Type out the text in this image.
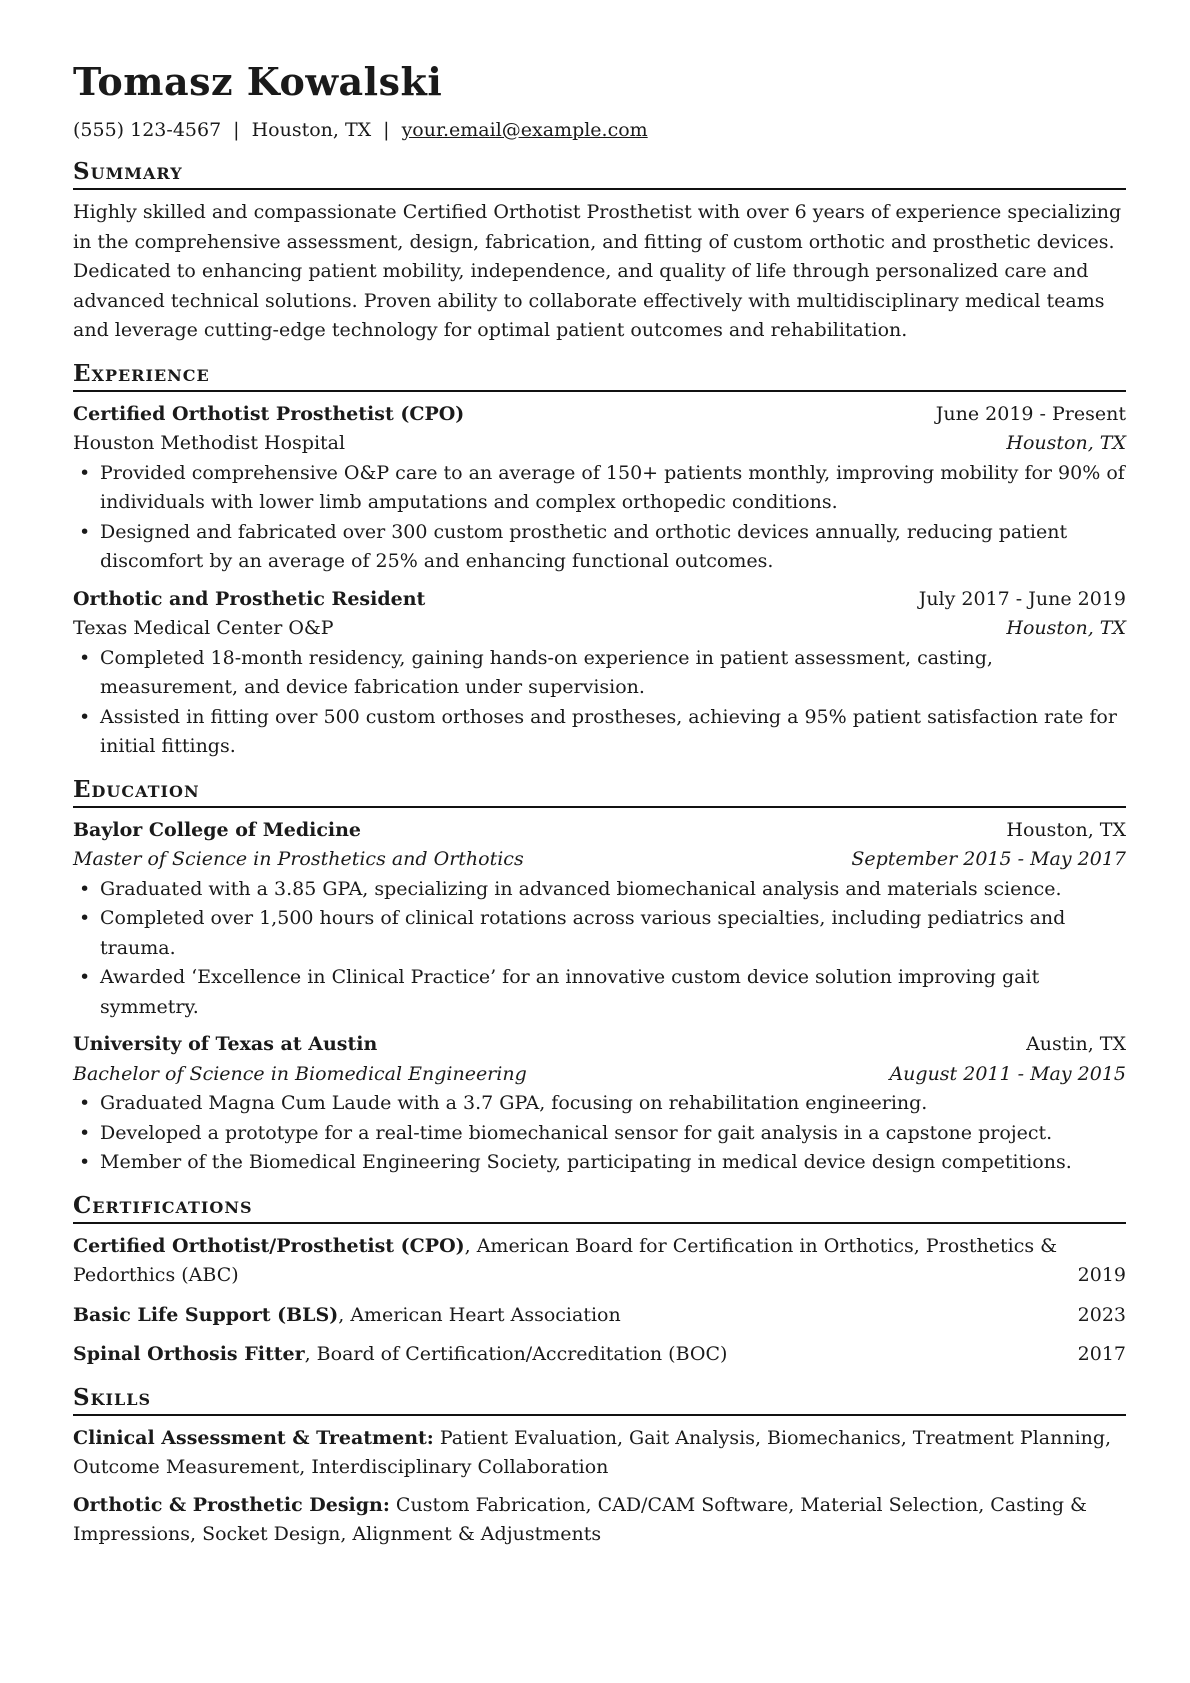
Tomasz Kowalski
(555) 123-4567 | Houston, TX | your.email@example.com
Summary

Highly skilled and compassionate Certified Orthotist Prosthetist with over 6 years of experience specializing in the comprehensive assessment, design, fabrication, and fitting of custom orthotic and prosthetic devices. Dedicated to enhancing patient mobility, independence, and quality of life through personalized care and advanced technical solutions. Proven ability to collaborate effectively with multidisciplinary medical teams and leverage cutting-edge technology for optimal patient outcomes and rehabilitation.

Experience
Certified Orthotist Prosthetist (CPO)	June 2019 - Present
Houston Methodist Hospital	Houston, TX
• Provided comprehensive O&P care to an average of 150+ patients monthly, improving mobility for 90% of individuals with lower limb amputations and complex orthopedic conditions.
• Designed and fabricated over 300 custom prosthetic and orthotic devices annually, reducing patient discomfort by an average of 25% and enhancing functional outcomes.
Orthotic and Prosthetic Resident	July 2017 - June 2019
Texas Medical Center O&P	Houston, TX
• Completed 18-month residency, gaining hands-on experience in patient assessment, casting, measurement, and device fabrication under supervision.
• Assisted in fitting over 500 custom orthoses and prostheses, achieving a 95% patient satisfaction rate for initial fittings.
Education
Baylor College of Medicine	Houston, TX
Master of Science in Prosthetics and Orthotics	September 2015 - May 2017
• Graduated with a 3.85 GPA, specializing in advanced biomechanical analysis and materials science.
• Completed over 1,500 hours of clinical rotations across various specialties, including pediatrics and trauma.
• Awarded ‘Excellence in Clinical Practice’ for an innovative custom device solution improving gait symmetry.
University of Texas at Austin	Austin, TX
Bachelor of Science in Biomedical Engineering	August 2011 - May 2015
• Graduated Magna Cum Laude with a 3.7 GPA, focusing on rehabilitation engineering.
• Developed a prototype for a real-time biomechanical sensor for gait analysis in a capstone project.
• Member of the Biomedical Engineering Society, participating in medical device design competitions.
Certifications
Certified Orthotist/Prosthetist (CPO), American Board for Certification in Orthotics, Prosthetics & Pedorthics (ABC)	2019
Basic Life Support (BLS), American Heart Association	2023
Spinal Orthosis Fitter, Board of Certification/Accreditation (BOC)	2017
Skills
Clinical Assessment & Treatment: Patient Evaluation, Gait Analysis, Biomechanics, Treatment Planning, Outcome Measurement, Interdisciplinary Collaboration
Orthotic & Prosthetic Design: Custom Fabrication, CAD/CAM Software, Material Selection, Casting & Impressions, Socket Design, Alignment & Adjustments
